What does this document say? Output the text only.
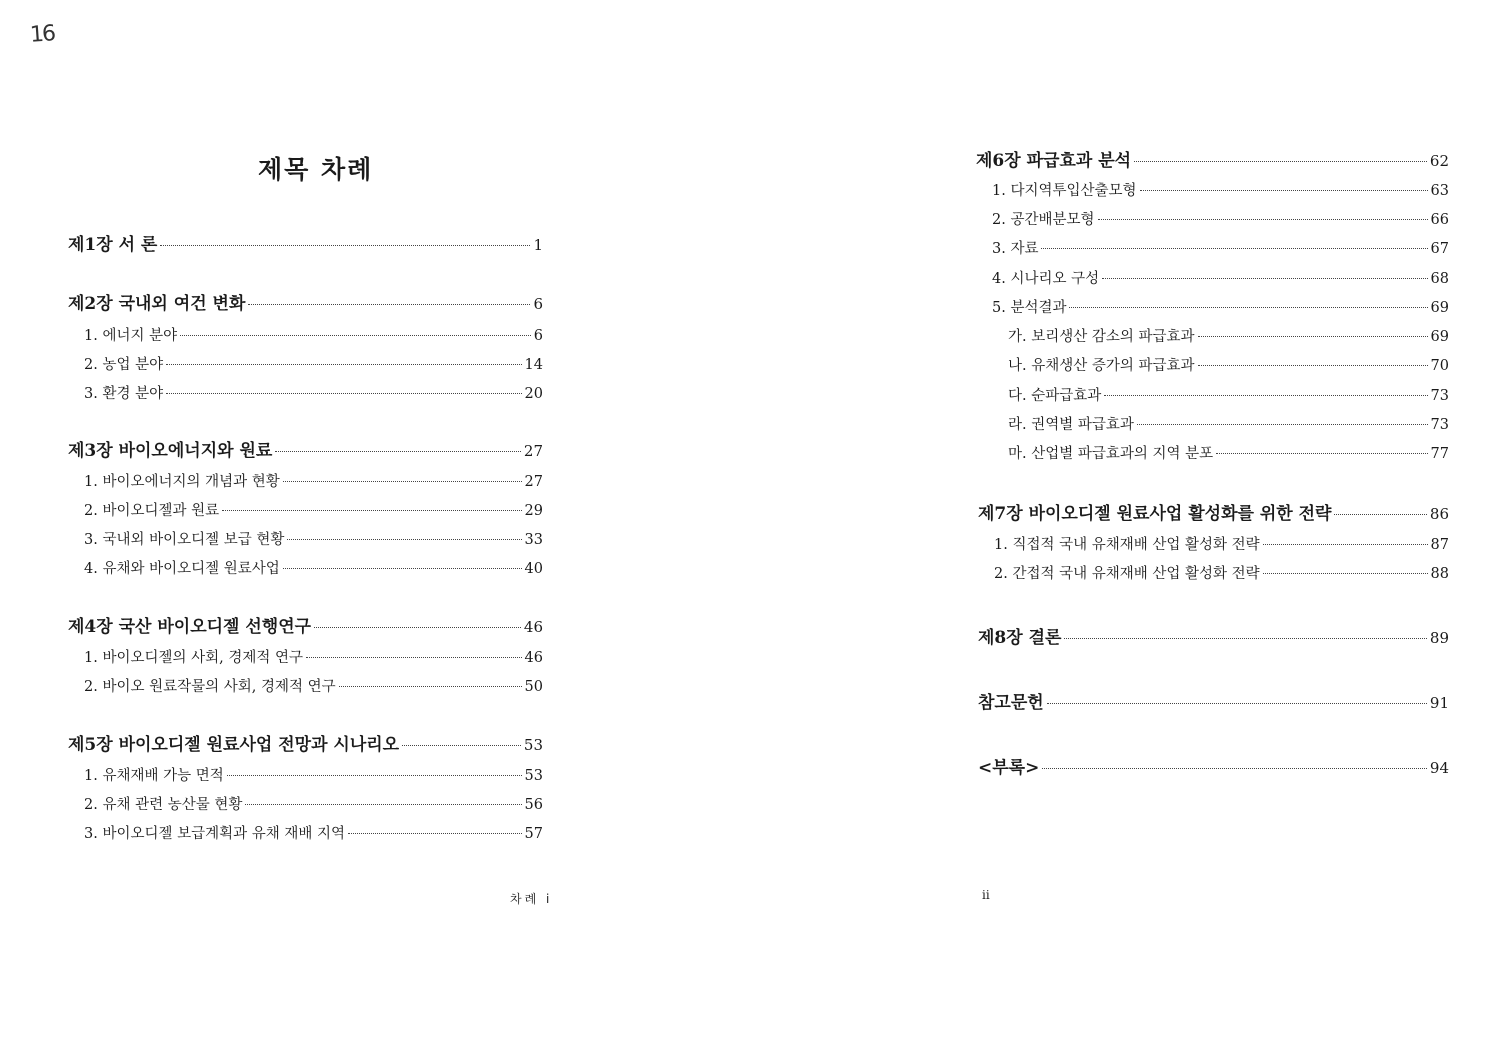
16
제목 차례
제1장 서 론	1
제2장 국내외 여건 변화	6
1. 에너지 분야	6
2. 농업 분야	14
3. 환경 분야	20
제3장 바이오에너지와 원료	27
1. 바이오에너지의 개념과 현황	27
2. 바이오디젤과 원료	29
3. 국내외 바이오디젤 보급 현황	33
4. 유채와 바이오디젤 원료사업	40
제4장 국산 바이오디젤 선행연구	46
1. 바이오디젤의 사회, 경제적 연구	46
2. 바이오 원료작물의 사회, 경제적 연구	50
제5장 바이오디젤 원료사업 전망과 시나리오	53
1. 유채재배 가능 면적	53
2. 유채 관련 농산물 현황	56
3. 바이오디젤 보급계획과 유채 재배 지역	57
차례 i
제6장 파급효과 분석	62
1. 다지역투입산출모형	63
2. 공간배분모형	66
3. 자료	67
4. 시나리오 구성	68
5. 분석결과	69
가. 보리생산 감소의 파급효과	69
나. 유채생산 증가의 파급효과	70
다. 순파급효과	73
라. 권역별 파급효과	73
마. 산업별 파급효과의 지역 분포	77
제7장 바이오디젤 원료사업 활성화를 위한 전략	86
1. 직접적 국내 유채재배 산업 활성화 전략	87
2. 간접적 국내 유채재배 산업 활성화 전략	88
제8장 결론	89
참고문헌	91
<부록>	94
ii
